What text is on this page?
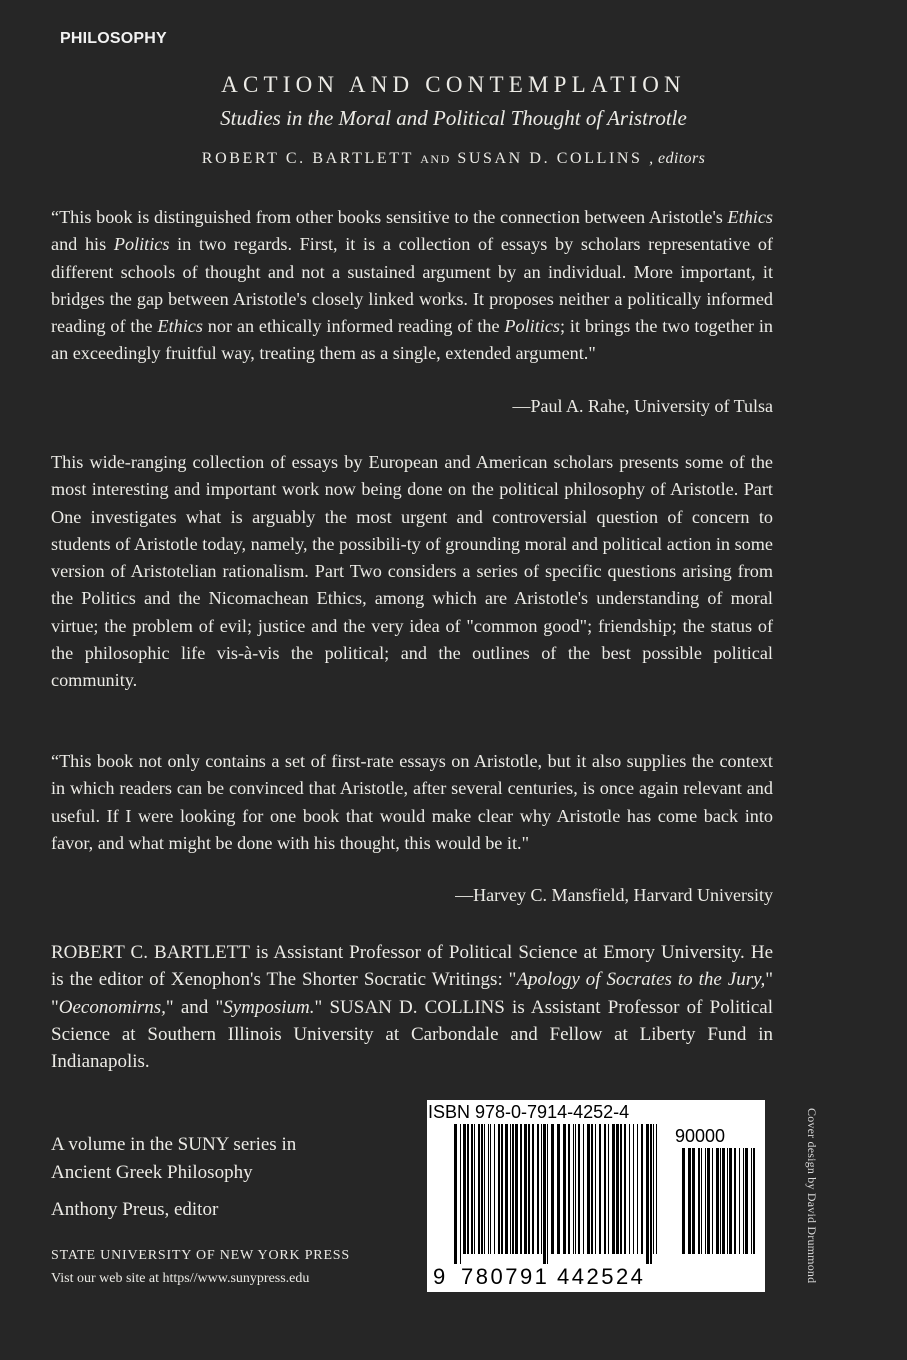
PHILOSOPHY
ACTION AND CONTEMPLATION
Studies in the Moral and Political Thought of Aristrotle
ROBERT C. BARTLETT AND SUSAN D. COLLINS , editors

“This book is distinguished from other books sensitive to the connection between Aristotle's Ethics and his Politics in two regards. First, it is a collection of essays by scholars representative of different schools of thought and not a sustained argument by an individual. More important, it bridges the gap between Aristotle's closely linked works. It proposes neither a politically informed reading of the Ethics nor an ethically informed reading of the Politics; it brings the two together in an exceedingly fruitful way, treating them as a single, extended argument."

—Paul A. Rahe, University of Tulsa

This wide-ranging collection of essays by European and American scholars presents some of the most interesting and important work now being done on the political philosophy of Aristotle. Part One investigates what is arguably the most urgent and controversial question of concern to students of Aristotle today, namely, the possibili-ty of grounding moral and political action in some version of Aristotelian rationalism. Part Two considers a series of specific questions arising from the Politics and the Nicomachean Ethics, among which are Aristotle's understanding of moral virtue; the problem of evil; justice and the very idea of "common good"; friendship; the status of the philosophic life vis-à-vis the political; and the outlines of the best possible political community.

“This book not only contains a set of first-rate essays on Aristotle, but it also supplies the context in which readers can be convinced that Aristotle, after several centuries, is once again relevant and useful. If I were looking for one book that would make clear why Aristotle has come back into favor, and what might be done with his thought, this would be it."

—Harvey C. Mansfield, Harvard University

ROBERT C. BARTLETT is Assistant Professor of Political Science at Emory University. He is the editor of Xenophon's The Shorter Socratic Writings: "Apology of Socrates to the Jury," "Oeconomirns," and "Symposium." SUSAN D. COLLINS is Assistant Professor of Political Science at Southern Illinois University at Carbondale and Fellow at Liberty Fund in Indianapolis.

A volume in the SUNY series in
Ancient Greek Philosophy
Anthony Preus, editor
STATE UNIVERSITY OF NEW YORK PRESS
Vist our web site at https//www.sunypress.edu
ISBN 978-0-7914-4252-4
90000
9 780791 442524	Cover design by David Drummond
